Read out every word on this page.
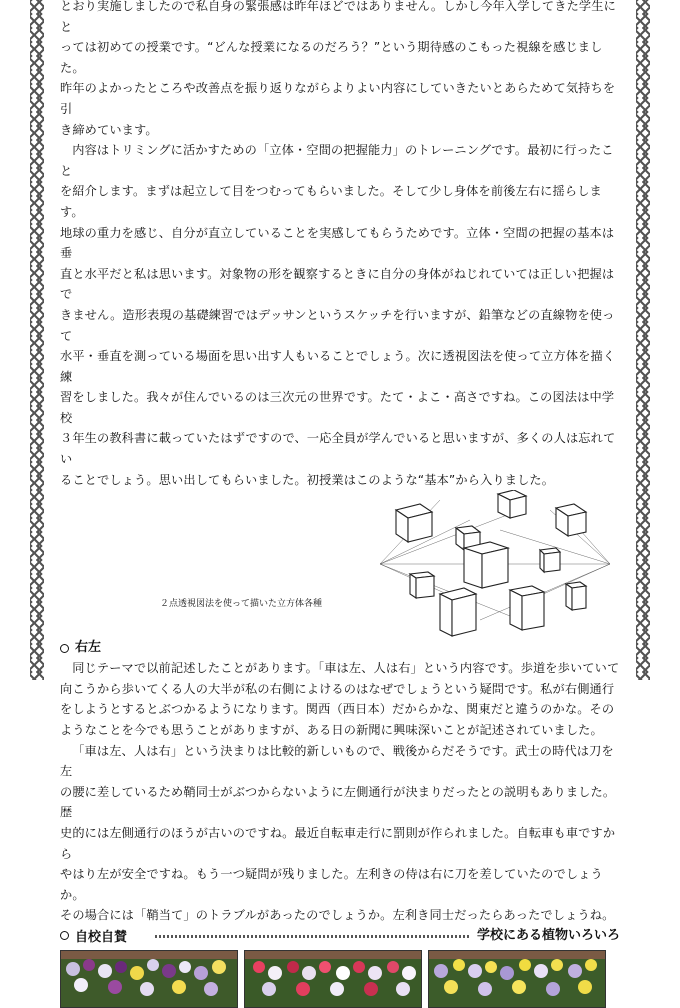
とおり実施しましたので私自身の緊張感は昨年ほどではありません。しかし今年入学してきた学生にと

っては初めての授業です。“どんな授業になるのだろう？”という期待感のこもった視線を感じました。

昨年のよかったところや改善点を振り返りながらよりよい内容にしていきたいとあらためて気持ちを引

き締めています。

内容はトリミングに活かすための「立体・空間の把握能力」のトレーニングです。最初に行ったこと

を紹介します。まずは起立して目をつむってもらいました。そして少し身体を前後左右に揺らします。

地球の重力を感じ、自分が直立していることを実感してもらうためです。立体・空間の把握の基本は垂

直と水平だと私は思います。対象物の形を観察するときに自分の身体がねじれていては正しい把握はで

きません。造形表現の基礎練習ではデッサンというスケッチを行いますが、鉛筆などの直線物を使って

水平・垂直を測っている場面を思い出す人もいることでしょう。次に透視図法を使って立方体を描く練

習をしました。我々が住んでいるのは三次元の世界です。たて・よこ・高さですね。この図法は中学校

３年生の教科書に載っていたはずですので、一応全員が学んでいると思いますが、多くの人は忘れてい

ることでしょう。思い出してもらいました。初授業はこのような“基本”から入りました。

２点透視図法を使って描いた立方体各種
右左

同じテーマで以前記述したことがあります。「車は左、人は右」という内容です。歩道を歩いていて

向こうから歩いてくる人の大半が私の右側によけるのはなぜでしょうという疑問です。私が右側通行

をしようとするとぶつかるようになります。関西（西日本）だからかな、関東だと違うのかな。その

ようなことを今でも思うことがありますが、ある日の新聞に興味深いことが記述されていました。

「車は左、人は右」という決まりは比較的新しいもので、戦後からだそうです。武士の時代は刀を左

の腰に差しているため鞘同士がぶつからないように左側通行が決まりだったとの説明もありました。歴

史的には左側通行のほうが古いのですね。最近自転車走行に罰則が作られました。自転車も車ですから

やはり左が安全ですね。もう一つ疑問が残りました。左利きの侍は右に刀を差していたのでしょうか。

その場合には「鞘当て」のトラブルがあったのでしょうか。左利き同士だったらあったでしょうね。

自校自賛	学校にある植物いろいろ
